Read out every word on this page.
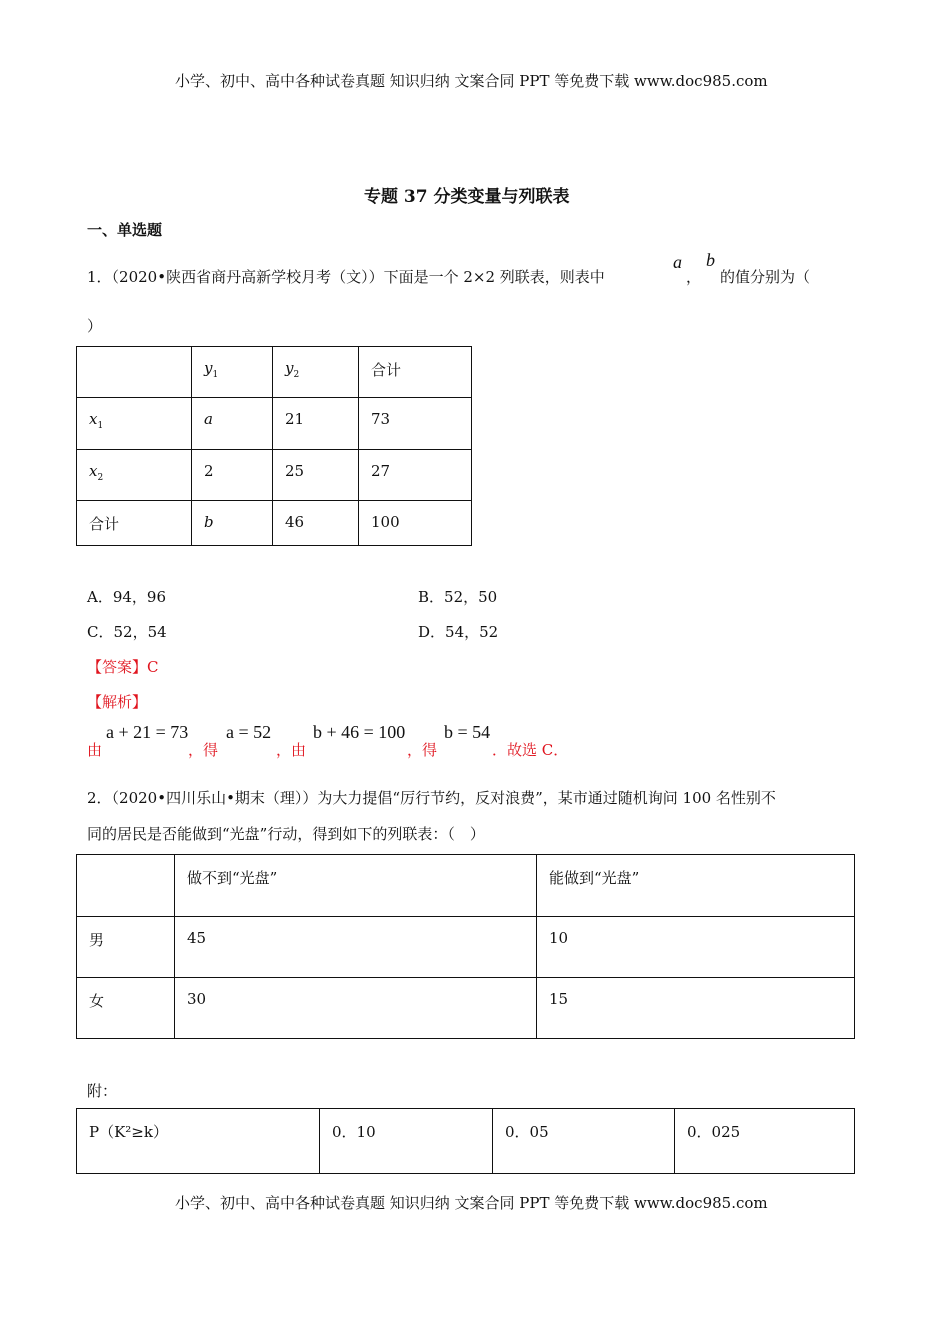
小学、初中、高中各种试卷真题 知识归纳 文案合同 PPT 等免费下载 www.doc985.com
专题 37 分类变量与列联表
一、单选题
1．（2020•陕西省商丹高新学校月考（文））下面是一个 2×2 列联表，则表中
a
，
b
的值分别为（
）
	$y_1$	$y_2$	合计
$x_1$	a	21	73
$x_2$	2	25	27
合计	b	46	100
A．94，96	B．52，50
C．52，54	D．54，52
【答案】C
【解析】
由
a + 21 = 73
，得
a = 52
，由
b + 46 = 100
，得
b = 54
．故选 C．
2．（2020•四川乐山•期末（理））为大力提倡“厉行节约，反对浪费”，某市通过随机询问 100 名性别不
同的居民是否能做到“光盘”行动，得到如下的列联表：（　）
	做不到“光盘”	能做到“光盘”
男	45	10
女	30	15
附：
P（K²≥k）	0．10	0．05	0．025
小学、初中、高中各种试卷真题 知识归纳 文案合同 PPT 等免费下载 www.doc985.com
